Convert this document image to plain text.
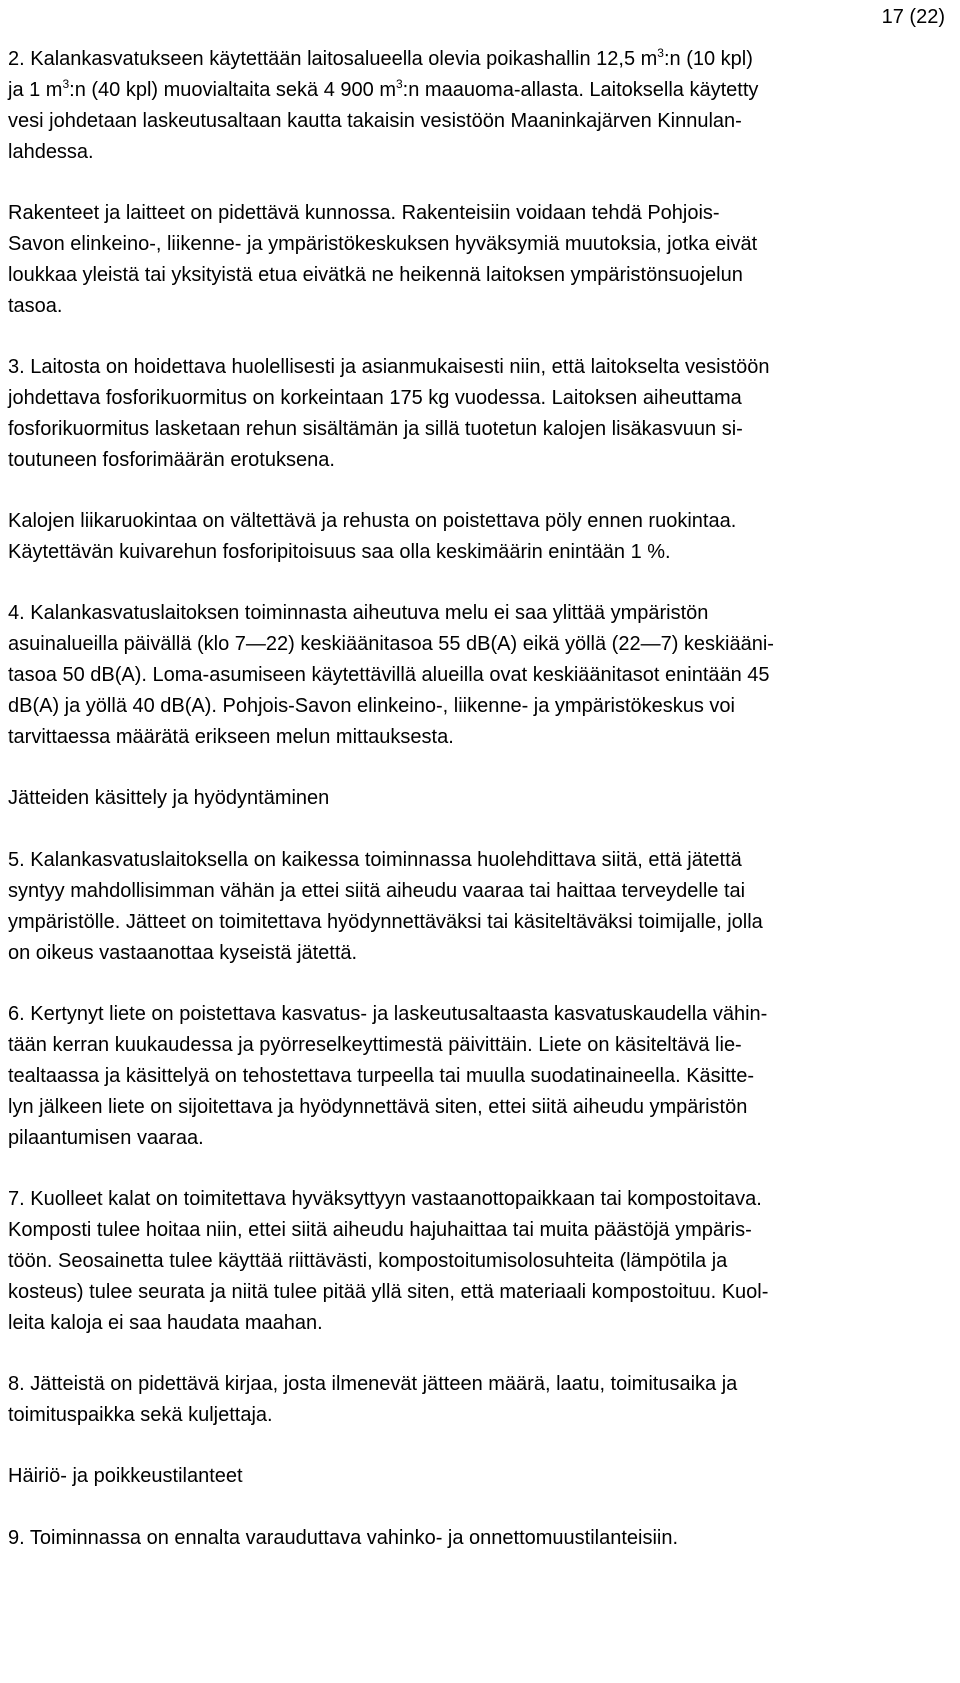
17 (22)

2. Kalankasvatukseen käytettään laitosalueella olevia poikashallin 12,5 $m^3:n$ (10 kpl)
ja 1 $m^3:n$ (40 kpl) muovialtaita sekä 4 900 $m^3:n$ maauoma-allasta. Laitoksella käytetty
vesi johdetaan laskeutusaltaan kautta takaisin vesistöön Maaninkajärven Kinnulan-
lahdessa.

Rakenteet ja laitteet on pidettävä kunnossa. Rakenteisiin voidaan tehdä Pohjois-
Savon elinkeino-, liikenne- ja ympäristökeskuksen hyväksymiä muutoksia, jotka eivät
loukkaa yleistä tai yksityistä etua eivätkä ne heikennä laitoksen ympäristönsuojelun
tasoa.

3. Laitosta on hoidettava huolellisesti ja asianmukaisesti niin, että laitokselta vesistöön
johdettava fosforikuormitus on korkeintaan 175 kg vuodessa. Laitoksen aiheuttama
fosforikuormitus lasketaan rehun sisältämän ja sillä tuotetun kalojen lisäkasvuun si-
toutuneen fosforimäärän erotuksena.

Kalojen liikaruokintaa on vältettävä ja rehusta on poistettava pöly ennen ruokintaa.
Käytettävän kuivarehun fosforipitoisuus saa olla keskimäärin enintään 1 %.

4. Kalankasvatuslaitoksen toiminnasta aiheutuva melu ei saa ylittää ympäristön
asuinalueilla päivällä (klo 7—22) keskiäänitasoa 55 dB(A) eikä yöllä (22—7) keskiääni-
tasoa 50 dB(A). Loma-asumiseen käytettävillä alueilla ovat keskiäänitasot enintään 45
dB(A) ja yöllä 40 dB(A). Pohjois-Savon elinkeino-, liikenne- ja ympäristökeskus voi
tarvittaessa määrätä erikseen melun mittauksesta.

Jätteiden käsittely ja hyödyntäminen

5. Kalankasvatuslaitoksella on kaikessa toiminnassa huolehdittava siitä, että jätettä
syntyy mahdollisimman vähän ja ettei siitä aiheudu vaaraa tai haittaa terveydelle tai
ympäristölle. Jätteet on toimitettava hyödynnettäväksi tai käsiteltäväksi toimijalle, jolla
on oikeus vastaanottaa kyseistä jätettä.

6. Kertynyt liete on poistettava kasvatus- ja laskeutusaltaasta kasvatuskaudella vähin-
tään kerran kuukaudessa ja pyörreselkeyttimestä päivittäin. Liete on käsiteltävä lie-
tealtaassa ja käsittelyä on tehostettava turpeella tai muulla suodatinaineella. Käsitte-
lyn jälkeen liete on sijoitettava ja hyödynnettävä siten, ettei siitä aiheudu ympäristön
pilaantumisen vaaraa.

7. Kuolleet kalat on toimitettava hyväksyttyyn vastaanottopaikkaan tai kompostoitava.
Komposti tulee hoitaa niin, ettei siitä aiheudu hajuhaittaa tai muita päästöjä ympäris-
töön. Seosainetta tulee käyttää riittävästi, kompostoitumisolosuhteita (lämpötila ja
kosteus) tulee seurata ja niitä tulee pitää yllä siten, että materiaali kompostoituu. Kuol-
leita kaloja ei saa haudata maahan.

8. Jätteistä on pidettävä kirjaa, josta ilmenevät jätteen määrä, laatu, toimitusaika ja
toimituspaikka sekä kuljettaja.

Häiriö- ja poikkeustilanteet

9. Toiminnassa on ennalta varauduttava vahinko- ja onnettomuustilanteisiin.
